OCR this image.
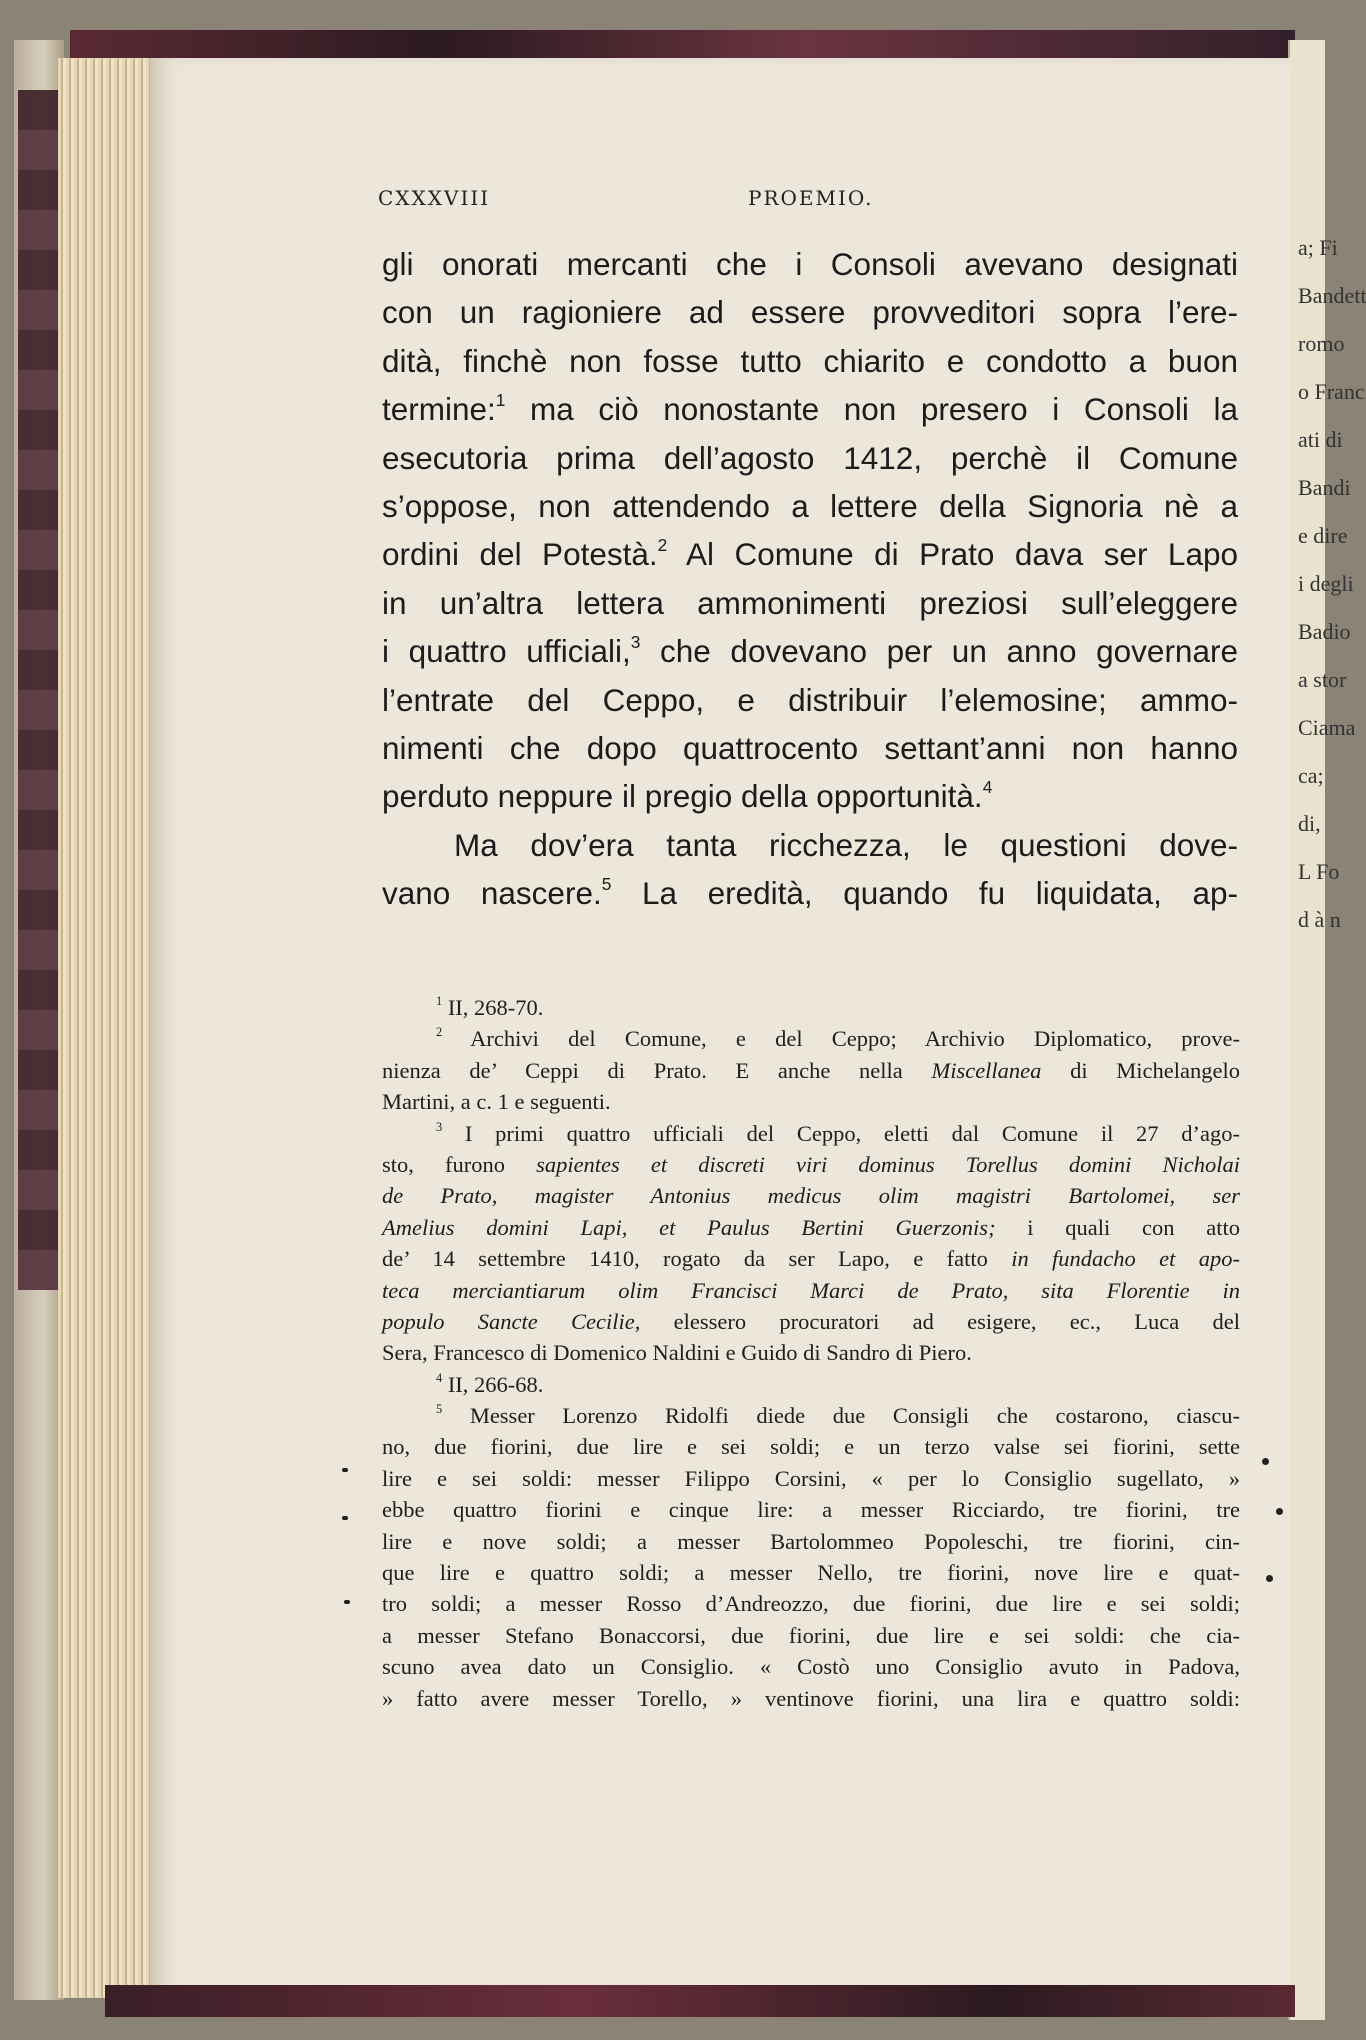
a; Fi
Bandett
romo
o Franc
ati di
Bandi
e dire
i degli
Badio
a stor
Ciama
ca;
di,
L Fo
d à n
CXXXVIII	PROEMIO.
gli onorati mercanti che i Consoli avevano designati
con un ragioniere ad essere provveditori sopra l’ere-
dità, finchè non fosse tutto chiarito e condotto a buon
termine:$^1$ ma ciò nonostante non presero i Consoli la
esecutoria prima dell’agosto 1412, perchè il Comune
s’oppose, non attendendo a lettere della Signoria nè a
ordini del Potestà.$^2$ Al Comune di Prato dava ser Lapo
in un’altra lettera ammonimenti preziosi sull’eleggere
i quattro ufficiali,$^3$ che dovevano per un anno governare
l’entrate del Ceppo, e distribuir l’elemosine; ammo-
nimenti che dopo quattrocento settant’anni non hanno
perduto neppure il pregio della opportunità.$^4$
Ma dov’era tanta ricchezza, le questioni dove-
vano nascere.$^5$ La eredità, quando fu liquidata, ap-
$^1$ II, 268-70.
$^2$ Archivi del Comune, e del Ceppo; Archivio Diplomatico, prove-
nienza de’ Ceppi di Prato. E anche nella Miscellanea di Michelangelo
Martini, a c. 1 e seguenti.
$^3$ I primi quattro ufficiali del Ceppo, eletti dal Comune il 27 d’ago-
sto, furono sapientes et discreti viri dominus Torellus domini Nicholai
de Prato, magister Antonius medicus olim magistri Bartolomei, ser
Amelius domini Lapi, et Paulus Bertini Guerzonis; i quali con atto
de’ 14 settembre 1410, rogato da ser Lapo, e fatto in fundacho et apo-
teca merciantiarum olim Francisci Marci de Prato, sita Florentie in
populo Sancte Cecilie, elessero procuratori ad esigere, ec., Luca del
Sera, Francesco di Domenico Naldini e Guido di Sandro di Piero.
$^4$ II, 266-68.
$^5$ Messer Lorenzo Ridolfi diede due Consigli che costarono, ciascu-
no, due fiorini, due lire e sei soldi; e un terzo valse sei fiorini, sette
lire e sei soldi: messer Filippo Corsini, « per lo Consiglio sugellato, »
ebbe quattro fiorini e cinque lire: a messer Ricciardo, tre fiorini, tre
lire e nove soldi; a messer Bartolommeo Popoleschi, tre fiorini, cin-
que lire e quattro soldi; a messer Nello, tre fiorini, nove lire e quat-
tro soldi; a messer Rosso d’Andreozzo, due fiorini, due lire e sei soldi;
a messer Stefano Bonaccorsi, due fiorini, due lire e sei soldi: che cia-
scuno avea dato un Consiglio. « Costò uno Consiglio avuto in Padova,
» fatto avere messer Torello, » ventinove fiorini, una lira e quattro soldi:
